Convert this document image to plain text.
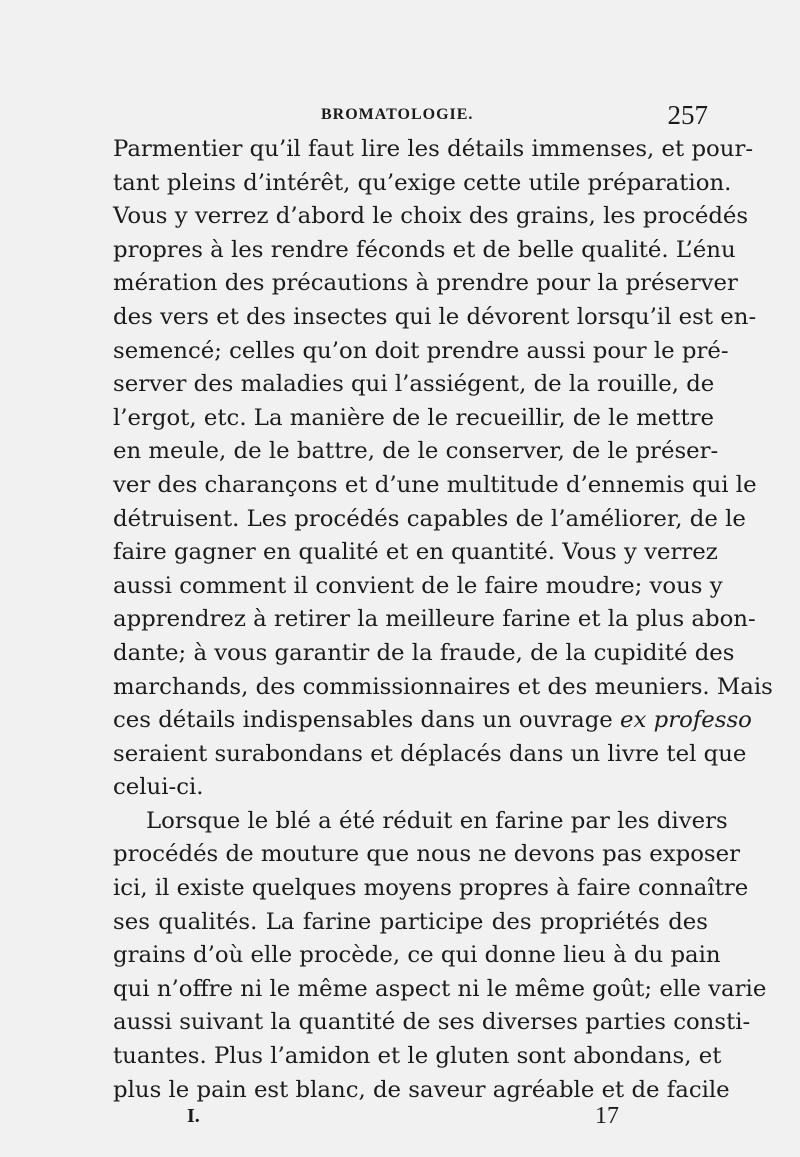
BROMATOLOGIE.	257
Parmentier qu’il faut lire les détails immenses, et pour-
tant pleins d’intérêt, qu’exige cette utile préparation.
Vous y verrez d’abord le choix des grains, les procédés
propres à les rendre féconds et de belle qualité. L’énu
mération des précautions à prendre pour la préserver
des vers et des insectes qui le dévorent lorsqu’il est en-
semencé; celles qu’on doit prendre aussi pour le pré-
server des maladies qui l’assiégent, de la rouille, de
l’ergot, etc. La manière de le recueillir, de le mettre
en meule, de le battre, de le conserver, de le préser-
ver des charançons et d’une multitude d’ennemis qui le
détruisent. Les procédés capables de l’améliorer, de le
faire gagner en qualité et en quantité. Vous y verrez
aussi comment il convient de le faire moudre; vous y
apprendrez à retirer la meilleure farine et la plus abon-
dante; à vous garantir de la fraude, de la cupidité des
marchands, des commissionnaires et des meuniers. Mais
ces détails indispensables dans un ouvrage ex professo
seraient surabondans et déplacés dans un livre tel que
celui-ci.
Lorsque le blé a été réduit en farine par les divers
procédés de mouture que nous ne devons pas exposer
ici, il existe quelques moyens propres à faire connaître
ses qualités. La farine participe des propriétés des
grains d’où elle procède, ce qui donne lieu à du pain
qui n’offre ni le même aspect ni le même goût; elle varie
aussi suivant la quantité de ses diverses parties consti-
tuantes. Plus l’amidon et le gluten sont abondans, et
plus le pain est blanc, de saveur agréable et de facile
I.	17
